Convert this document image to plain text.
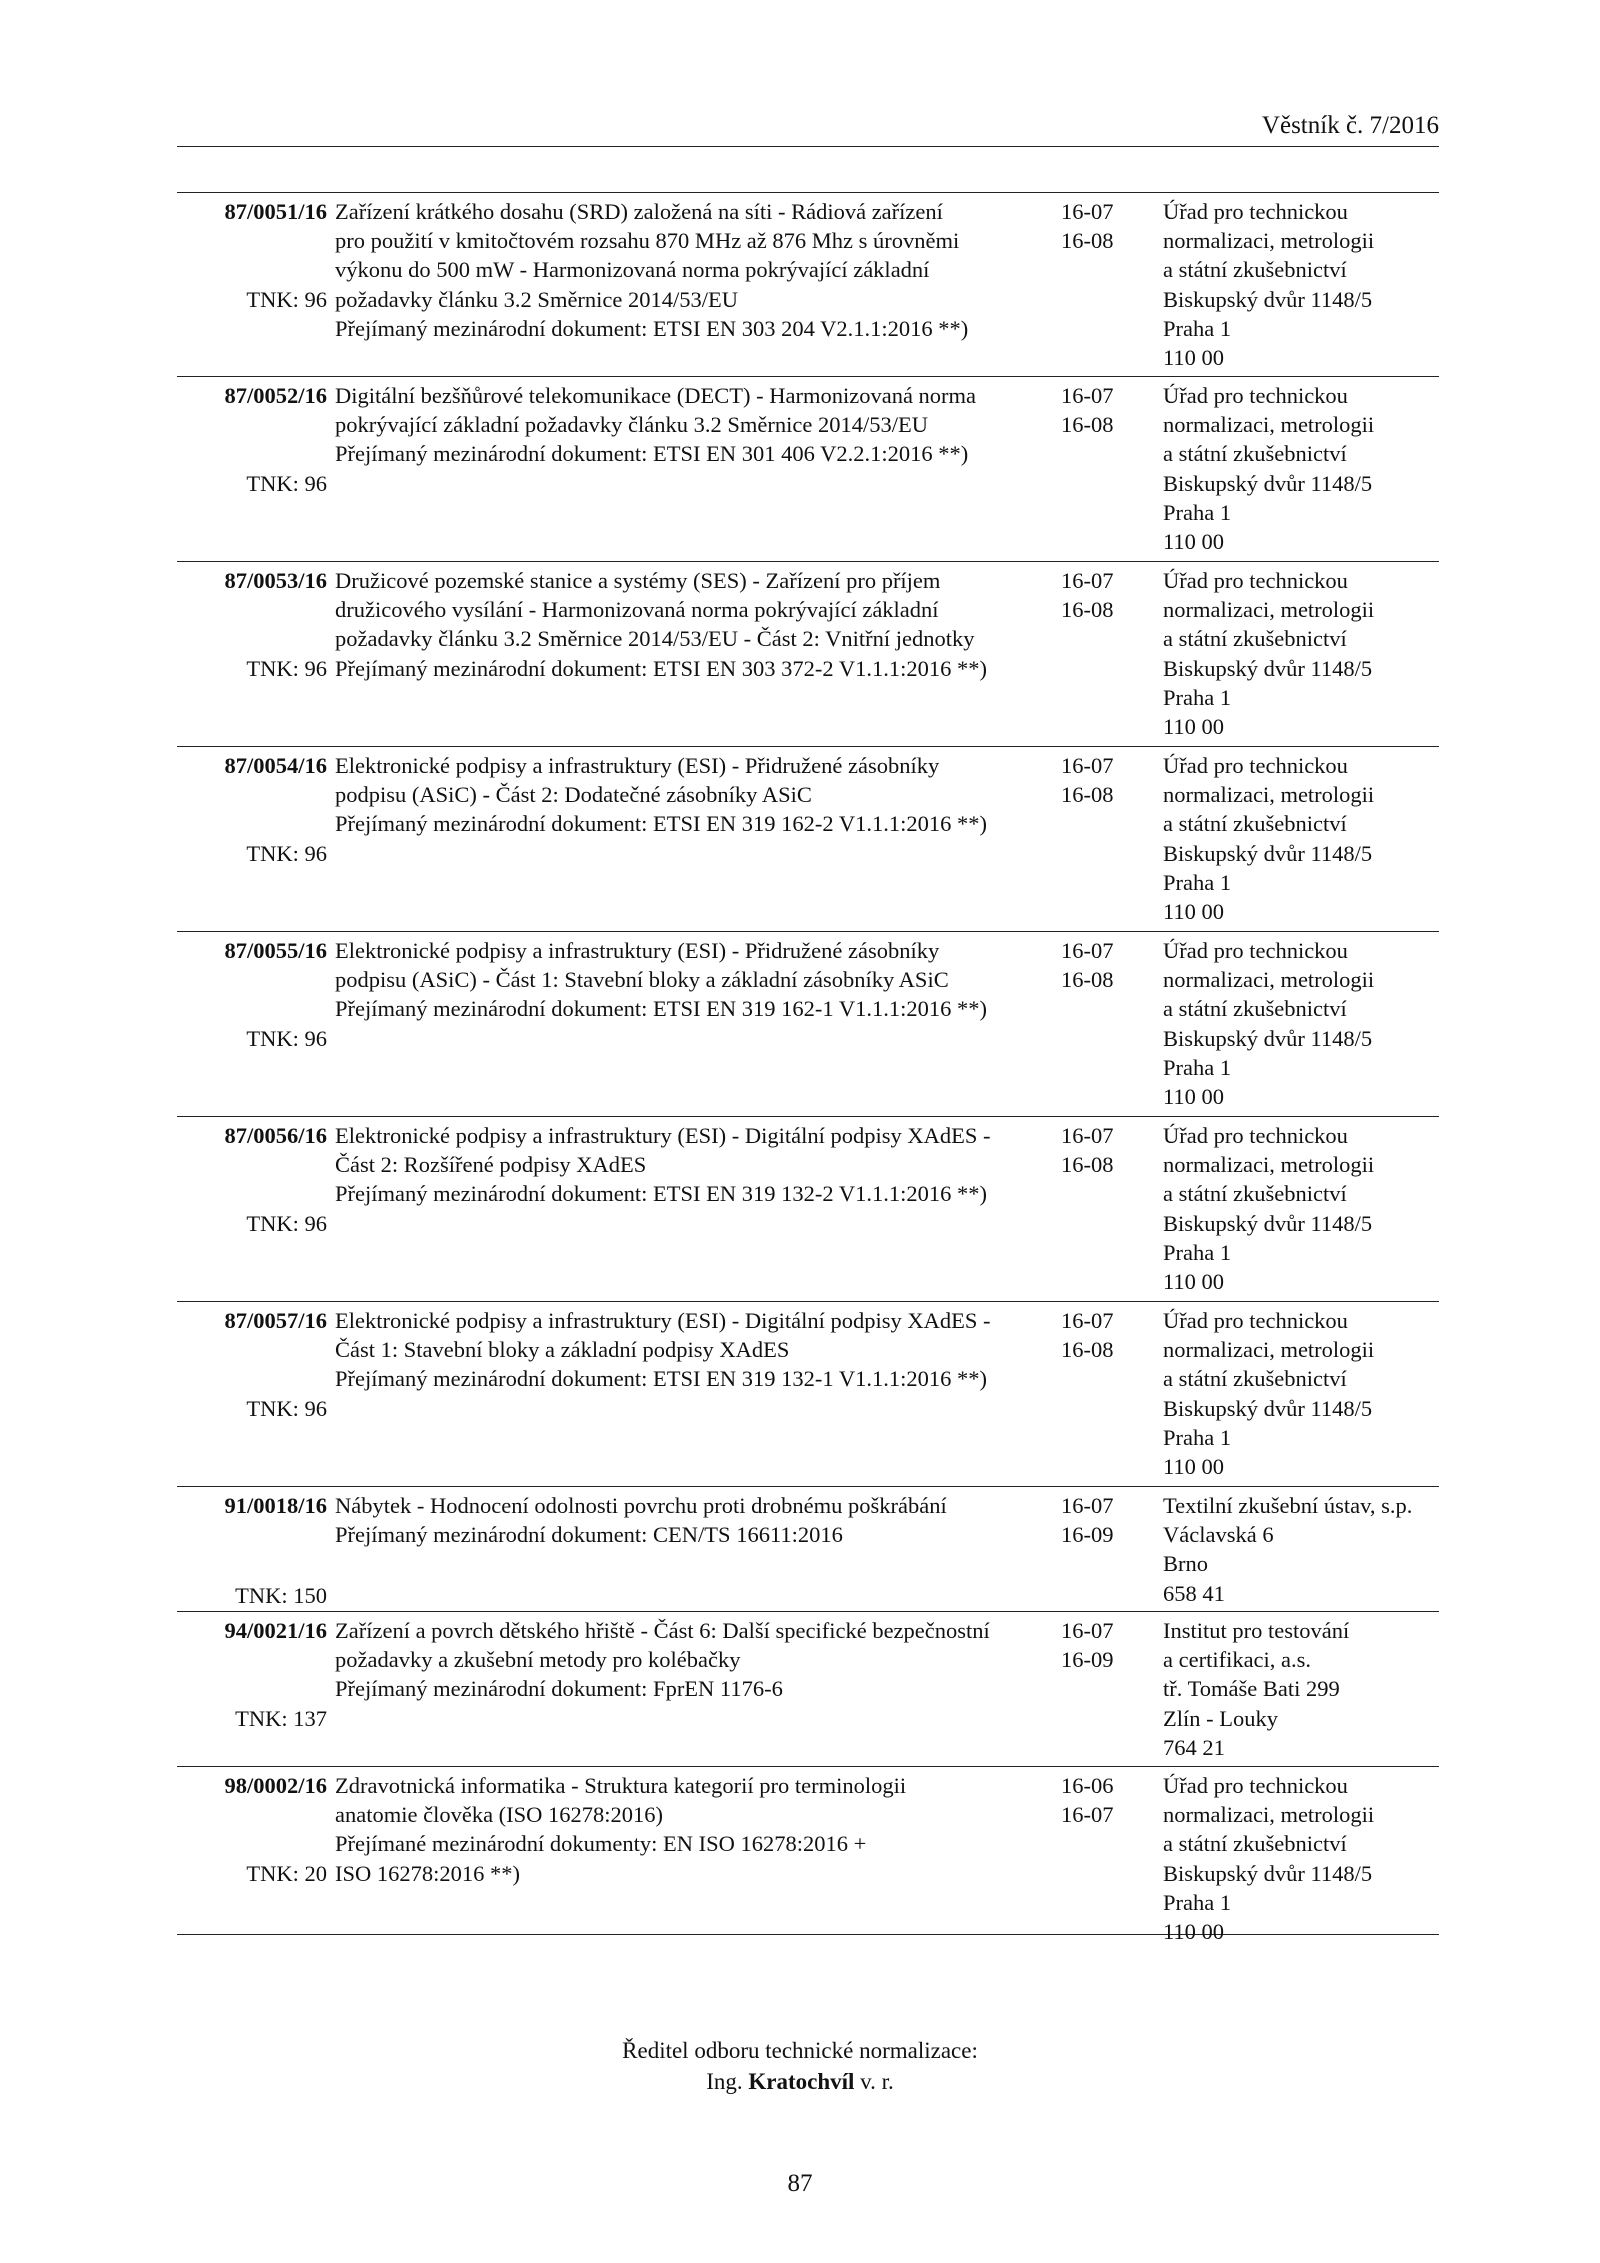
Věstník č. 7/2016
87/0051/16
TNK: 96
Zařízení krátkého dosahu (SRD) založená na síti - Rádiová zařízení
pro použití v kmitočtovém rozsahu 870 MHz až 876 Mhz s úrovněmi
výkonu do 500 mW - Harmonizovaná norma pokrývající základní
požadavky článku 3.2 Směrnice 2014/53/EU
Přejímaný mezinárodní dokument: ETSI EN 303 204 V2.1.1:2016 **)
16-07
16-08
Úřad pro technickou
normalizaci, metrologii
a státní zkušebnictví
Biskupský dvůr 1148/5
Praha 1
110 00
87/0052/16
TNK: 96
Digitální bezšňůrové telekomunikace (DECT) - Harmonizovaná norma
pokrývající základní požadavky článku 3.2 Směrnice 2014/53/EU
Přejímaný mezinárodní dokument: ETSI EN 301 406 V2.2.1:2016 **)
16-07
16-08
Úřad pro technickou
normalizaci, metrologii
a státní zkušebnictví
Biskupský dvůr 1148/5
Praha 1
110 00
87/0053/16
TNK: 96
Družicové pozemské stanice a systémy (SES) - Zařízení pro příjem
družicového vysílání - Harmonizovaná norma pokrývající základní
požadavky článku 3.2 Směrnice 2014/53/EU - Část 2: Vnitřní jednotky
Přejímaný mezinárodní dokument: ETSI EN 303 372-2 V1.1.1:2016 **)
16-07
16-08
Úřad pro technickou
normalizaci, metrologii
a státní zkušebnictví
Biskupský dvůr 1148/5
Praha 1
110 00
87/0054/16
TNK: 96
Elektronické podpisy a infrastruktury (ESI) - Přidružené zásobníky
podpisu (ASiC) - Část 2: Dodatečné zásobníky ASiC
Přejímaný mezinárodní dokument: ETSI EN 319 162-2 V1.1.1:2016 **)
16-07
16-08
Úřad pro technickou
normalizaci, metrologii
a státní zkušebnictví
Biskupský dvůr 1148/5
Praha 1
110 00
87/0055/16
TNK: 96
Elektronické podpisy a infrastruktury (ESI) - Přidružené zásobníky
podpisu (ASiC) - Část 1: Stavební bloky a základní zásobníky ASiC
Přejímaný mezinárodní dokument: ETSI EN 319 162-1 V1.1.1:2016 **)
16-07
16-08
Úřad pro technickou
normalizaci, metrologii
a státní zkušebnictví
Biskupský dvůr 1148/5
Praha 1
110 00
87/0056/16
TNK: 96
Elektronické podpisy a infrastruktury (ESI) - Digitální podpisy XAdES -
Část 2: Rozšířené podpisy XAdES
Přejímaný mezinárodní dokument: ETSI EN 319 132-2 V1.1.1:2016 **)
16-07
16-08
Úřad pro technickou
normalizaci, metrologii
a státní zkušebnictví
Biskupský dvůr 1148/5
Praha 1
110 00
87/0057/16
TNK: 96
Elektronické podpisy a infrastruktury (ESI) - Digitální podpisy XAdES -
Část 1: Stavební bloky a základní podpisy XAdES
Přejímaný mezinárodní dokument: ETSI EN 319 132-1 V1.1.1:2016 **)
16-07
16-08
Úřad pro technickou
normalizaci, metrologii
a státní zkušebnictví
Biskupský dvůr 1148/5
Praha 1
110 00
91/0018/16
TNK: 150
Nábytek - Hodnocení odolnosti povrchu proti drobnému poškrábání
Přejímaný mezinárodní dokument: CEN/TS 16611:2016
16-07
16-09
Textilní zkušební ústav, s.p.
Václavská 6
Brno
658 41
94/0021/16
TNK: 137
Zařízení a povrch dětského hřiště - Část 6: Další specifické bezpečnostní
požadavky a zkušební metody pro kolébačky
Přejímaný mezinárodní dokument: FprEN 1176-6
16-07
16-09
Institut pro testování
a certifikaci, a.s.
tř. Tomáše Bati 299
Zlín - Louky
764 21
98/0002/16
TNK: 20
Zdravotnická informatika - Struktura kategorií pro terminologii
anatomie člověka (ISO 16278:2016)
Přejímané mezinárodní dokumenty: EN ISO 16278:2016 +
ISO 16278:2016 **)
16-06
16-07
Úřad pro technickou
normalizaci, metrologii
a státní zkušebnictví
Biskupský dvůr 1148/5
Praha 1
110 00
Ředitel odboru technické normalizace:
Ing. Kratochvíl v. r.
87
